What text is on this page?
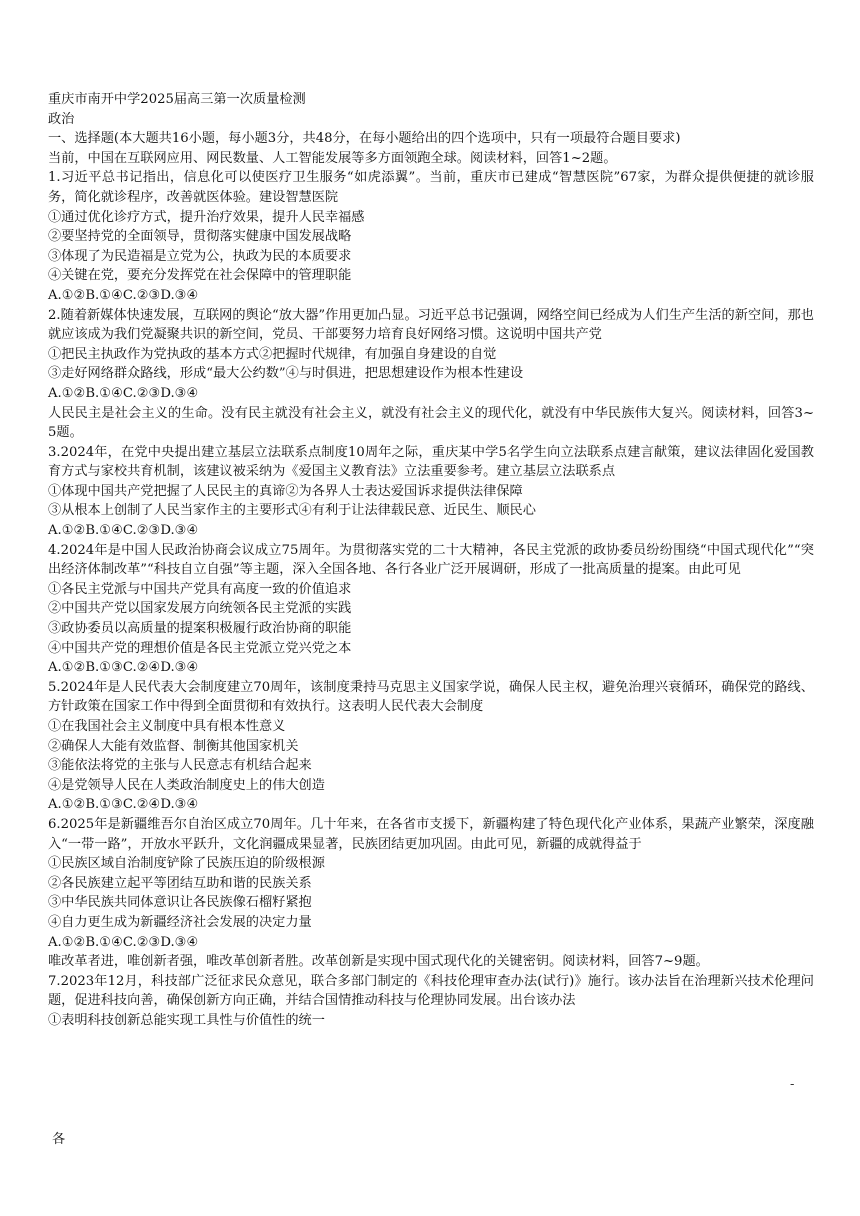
重庆市南开中学2025届高三第一次质量检测

政治

一、选择题(本大题共16小题，每小题3分，共48分，在每小题给出的四个选项中，只有一项最符合题目要求)

当前，中国在互联网应用、网民数量、人工智能发展等多方面领跑全球。阅读材料，回答1~2题。

1.习近平总书记指出，信息化可以使医疗卫生服务“如虎添翼”。当前，重庆市已建成“智慧医院”67家，为群众提供便捷的就诊服务，简化就诊程序，改善就医体验。建设智慧医院

①通过优化诊疗方式，提升治疗效果，提升人民幸福感

②要坚持党的全面领导，贯彻落实健康中国发展战略

③体现了为民造福是立党为公，执政为民的本质要求

④关键在党，要充分发挥党在社会保障中的管理职能

A.①②B.①④C.②③D.③④

2.随着新媒体快速发展，互联网的舆论“放大器”作用更加凸显。习近平总书记强调，网络空间已经成为人们生产生活的新空间，那也就应该成为我们党凝聚共识的新空间，党员、干部要努力培育良好网络习惯。这说明中国共产党

①把民主执政作为党执政的基本方式②把握时代规律，有加强自身建设的自觉

③走好网络群众路线，形成“最大公约数”④与时俱进，把思想建设作为根本性建设

A.①②B.①④C.②③D.③④

人民民主是社会主义的生命。没有民主就没有社会主义，就没有社会主义的现代化，就没有中华民族伟大复兴。阅读材料，回答3~5题。

3.2024年，在党中央提出建立基层立法联系点制度10周年之际，重庆某中学5名学生向立法联系点建言献策，建议法律固化爱国教育方式与家校共育机制，该建议被采纳为《爱国主义教育法》立法重要参考。建立基层立法联系点

①体现中国共产党把握了人民民主的真谛②为各界人士表达爱国诉求提供法律保障

③从根本上创制了人民当家作主的主要形式④有利于让法律载民意、近民生、顺民心

A.①②B.①④C.②③D.③④

4.2024年是中国人民政治协商会议成立75周年。为贯彻落实党的二十大精神，各民主党派的政协委员纷纷围绕“中国式现代化”“突出经济体制改革”“科技自立自强”等主题，深入全国各地、各行各业广泛开展调研，形成了一批高质量的提案。由此可见

①各民主党派与中国共产党具有高度一致的价值追求

②中国共产党以国家发展方向统领各民主党派的实践

③政协委员以高质量的提案积极履行政治协商的职能

④中国共产党的理想价值是各民主党派立党兴党之本

A.①②B.①③C.②④D.③④

5.2024年是人民代表大会制度建立70周年，该制度秉持马克思主义国家学说，确保人民主权，避免治理兴衰循环，确保党的路线、方针政策在国家工作中得到全面贯彻和有效执行。这表明人民代表大会制度

①在我国社会主义制度中具有根本性意义

②确保人大能有效监督、制衡其他国家机关

③能依法将党的主张与人民意志有机结合起来

④是党领导人民在人类政治制度史上的伟大创造

A.①②B.①③C.②④D.③④

6.2025年是新疆维吾尔自治区成立70周年。几十年来，在各省市支援下，新疆构建了特色现代化产业体系，果蔬产业繁荣，深度融入“一带一路”，开放水平跃升，文化润疆成果显著，民族团结更加巩固。由此可见，新疆的成就得益于

①民族区域自治制度铲除了民族压迫的阶级根源

②各民族建立起平等团结互助和谐的民族关系

③中华民族共同体意识让各民族像石榴籽紧抱

④自力更生成为新疆经济社会发展的决定力量

A.①②B.①④C.②③D.③④

唯改革者进，唯创新者强，唯改革创新者胜。改革创新是实现中国式现代化的关键密钥。阅读材料，回答7~9题。

7.2023年12月，科技部广泛征求民众意见，联合多部门制定的《科技伦理审查办法(试行)》施行。该办法旨在治理新兴技术伦理问题，促进科技向善，确保创新方向正确，并结合国情推动科技与伦理协同发展。出台该办法

①表明科技创新总能实现工具性与价值性的统一

-
各
